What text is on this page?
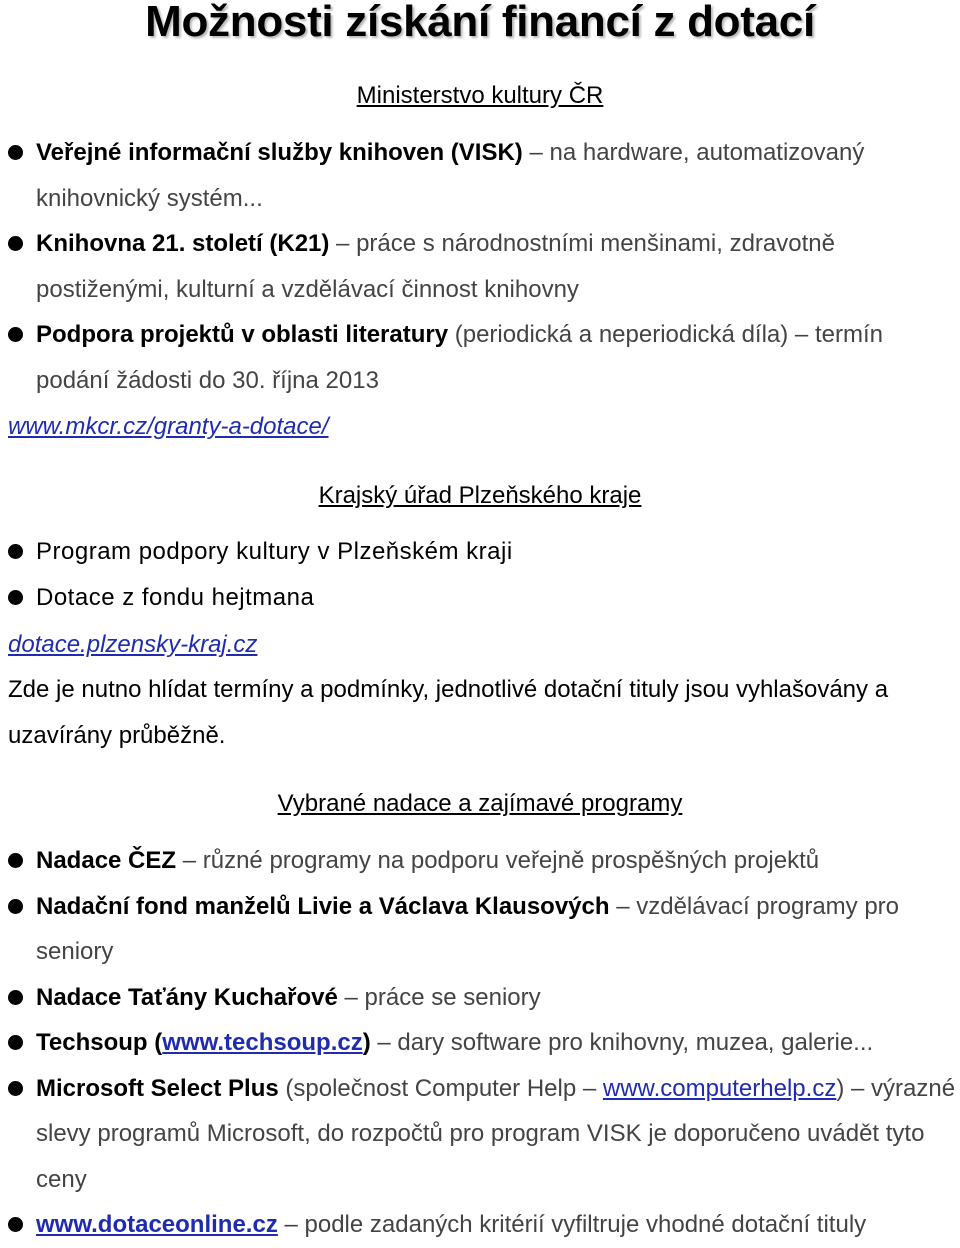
Možnosti získání financí z dotací
Ministerstvo kultury ČR
Veřejné informační služby knihoven (VISK) – na hardware, automatizovaný knihovnický systém...
Knihovna 21. století (K21) – práce s národnostními menšinami, zdravotně postiženými, kulturní a vzdělávací činnost knihovny
Podpora projektů v oblasti literatury (periodická a neperiodická díla) – termín podání žádosti do 30. října 2013
www.mkcr.cz/granty-a-dotace/
Krajský úřad Plzeňského kraje
Program podpory kultury v Plzeňském kraji
Dotace z fondu hejtmana
dotace.plzensky-kraj.cz
Zde je nutno hlídat termíny a podmínky, jednotlivé dotační tituly jsou vyhlašovány a uzavírány průběžně.
Vybrané nadace a zajímavé programy
Nadace ČEZ – různé programy na podporu veřejně prospěšných projektů
Nadační fond manželů Livie a Václava Klausových – vzdělávací programy pro seniory
Nadace Taťány Kuchařové – práce se seniory
Techsoup (www.techsoup.cz) – dary software pro knihovny, muzea, galerie...
Microsoft Select Plus (společnost Computer Help – www.computerhelp.cz) – výrazné slevy programů Microsoft, do rozpočtů pro program VISK je doporučeno uvádět tyto ceny
www.dotaceonline.cz – podle zadaných kritérií vyfiltruje vhodné dotační tituly
